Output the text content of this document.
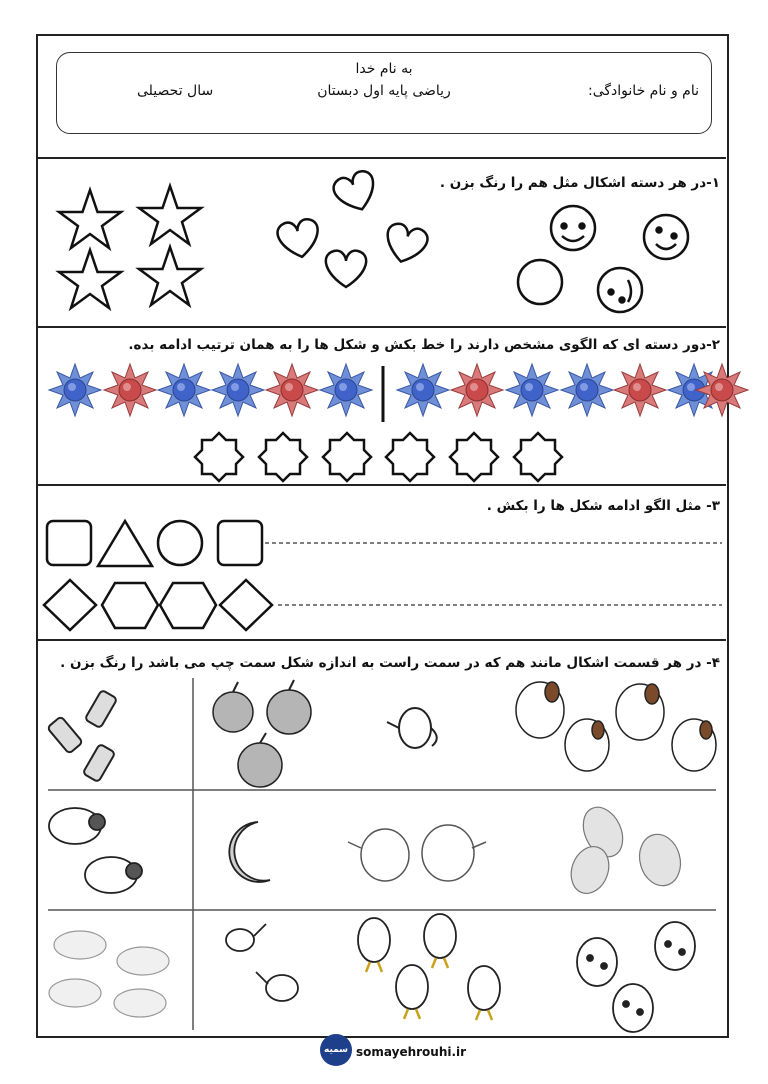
به نام خدا
نام و نام خانوادگی:
ریاضی پایه اول دبستان
سال تحصیلی
۱-در هر دسته اشکال مثل هم را رنگ بزن .
۲-دور دسته ای که الگوی مشخص دارند را خط بکش و شکل ها را به همان ترتیب ادامه بده.
۳- مثل الگو ادامه شکل ها را بکش .
۴- در هر قسمت اشکال مانند هم که در سمت راست به اندازه شکل سمت چپ می باشد را رنگ بزن .
سمیه somayehrouhi.ir
